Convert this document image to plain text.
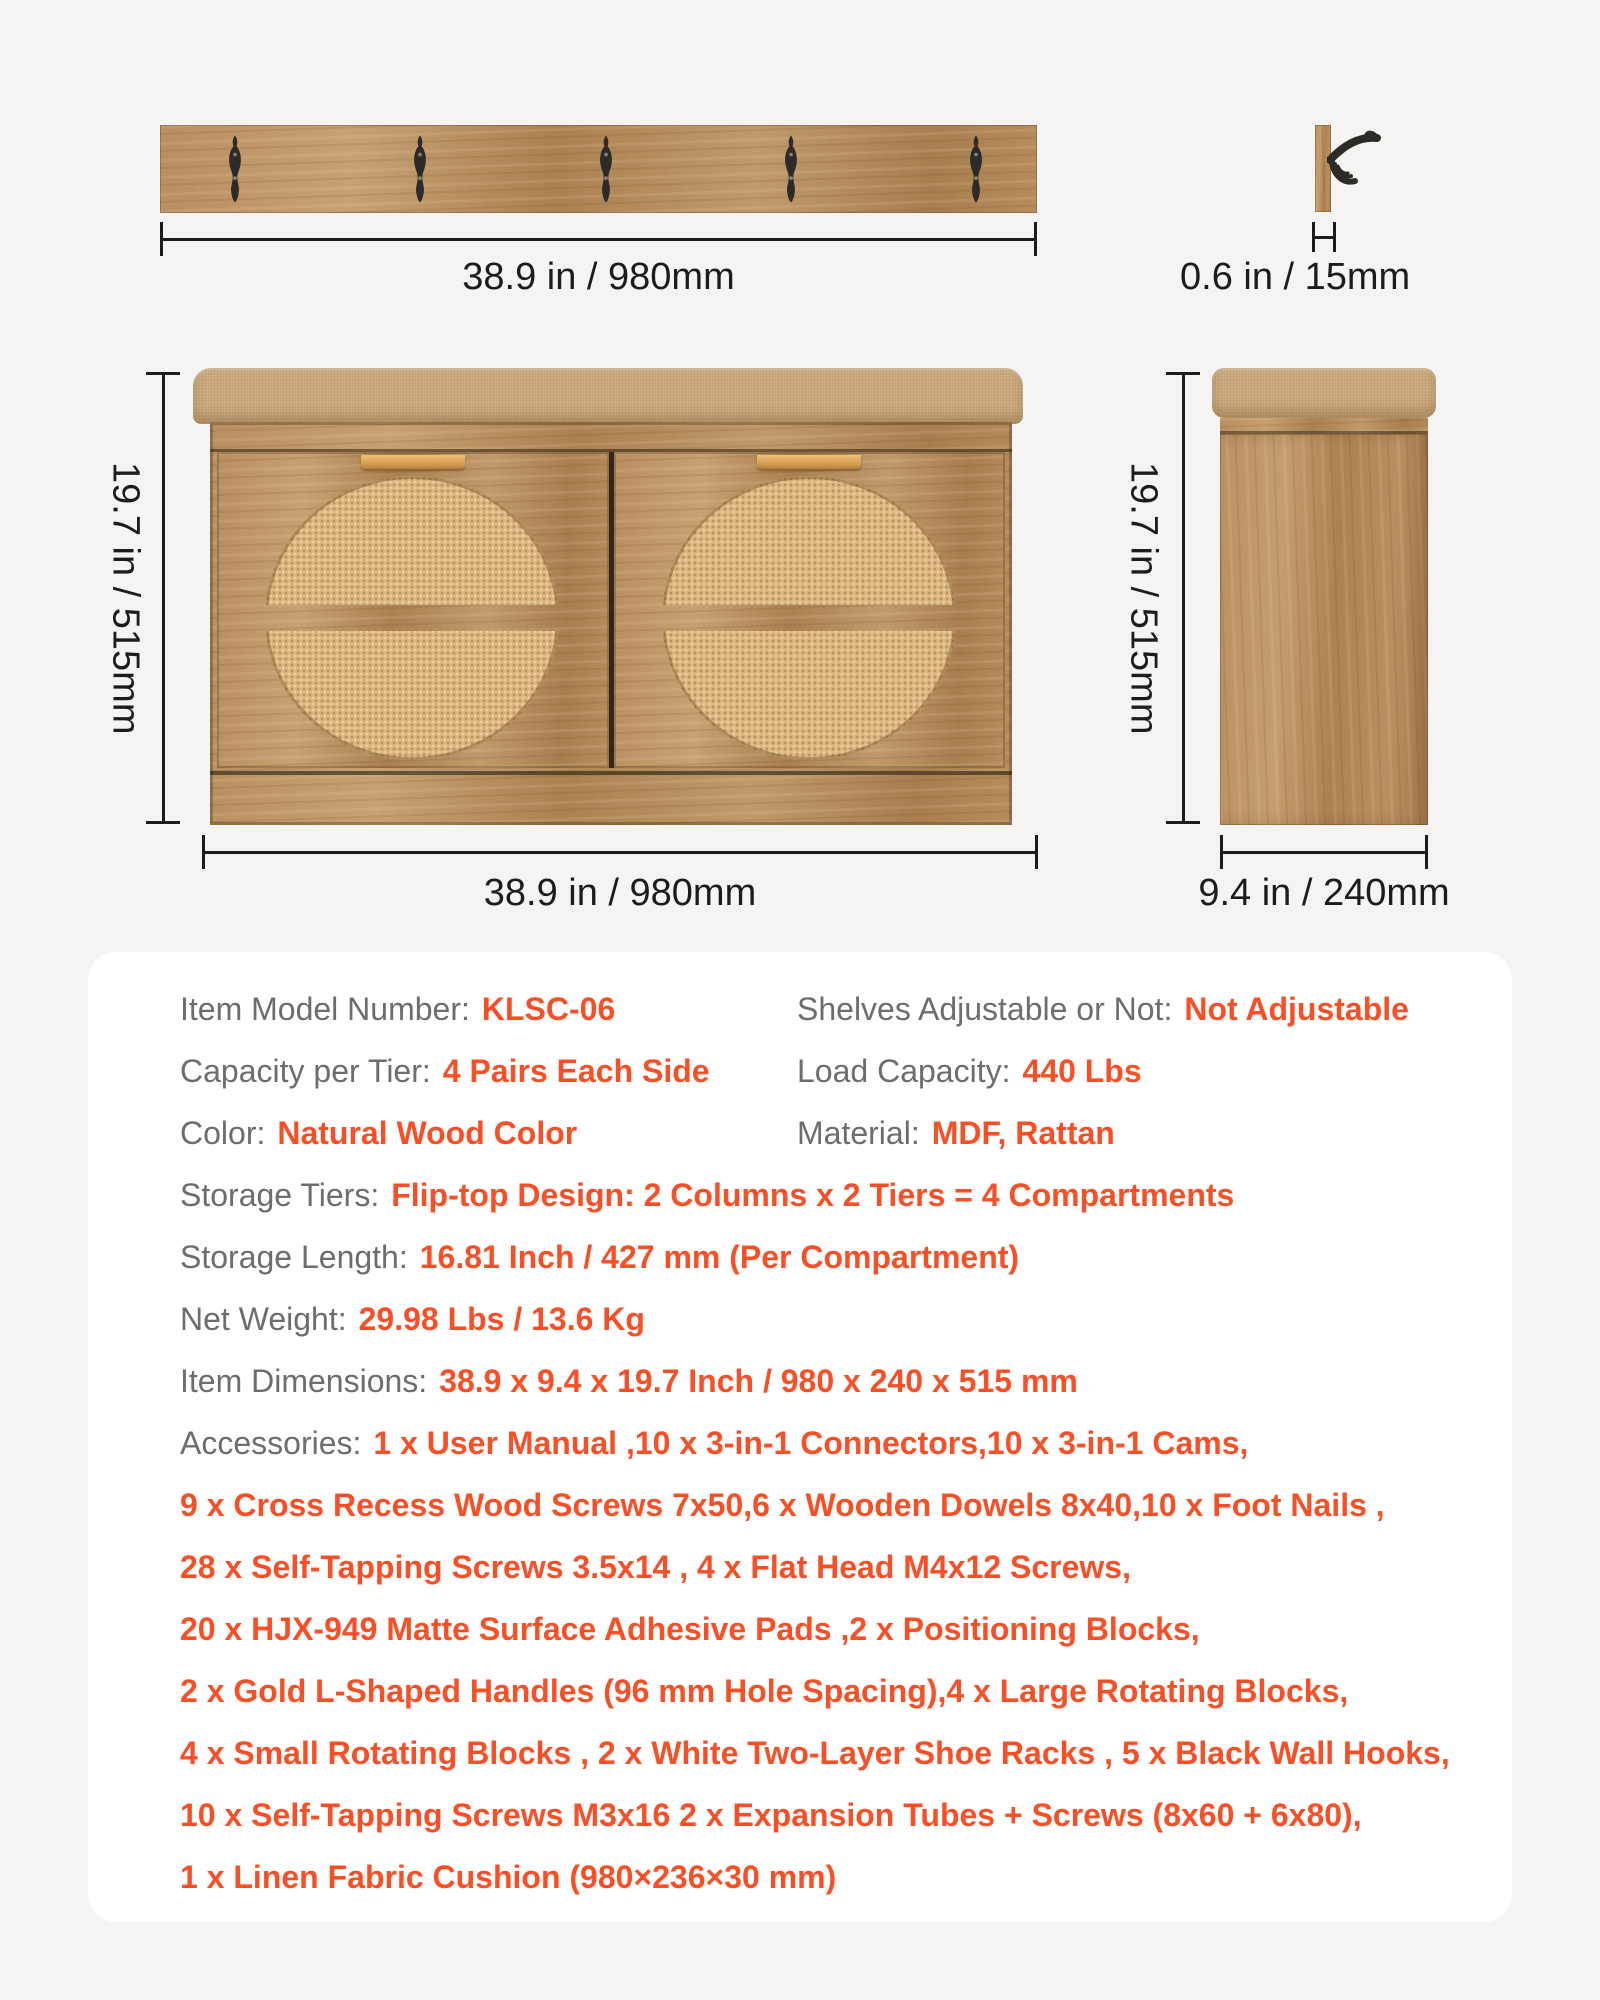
38.9 in / 980mm	0.6 in / 15mm
19.7 in / 515mm
38.9 in / 980mm
19.7 in / 515mm
9.4 in / 240mm
Item Model Number: KLSC-06	Shelves Adjustable or Not: Not Adjustable
Capacity per Tier: 4 Pairs Each Side	Load Capacity: 440 Lbs
Color: Natural Wood Color	Material: MDF, Rattan
Storage Tiers: Flip-top Design: 2 Columns x 2 Tiers = 4 Compartments
Storage Length: 16.81 Inch / 427 mm (Per Compartment)
Net Weight: 29.98 Lbs / 13.6 Kg
Item Dimensions: 38.9 x 9.4 x 19.7 Inch / 980 x 240 x 515 mm
Accessories: 1 x User Manual ,10 x 3-in-1 Connectors,10 x 3-in-1 Cams,
9 x Cross Recess Wood Screws 7x50,6 x Wooden Dowels 8x40,10 x Foot Nails ,
28 x Self-Tapping Screws 3.5x14 , 4 x Flat Head M4x12 Screws,
20 x HJX-949 Matte Surface Adhesive Pads ,2 x Positioning Blocks,
2 x Gold L-Shaped Handles (96 mm Hole Spacing),4 x Large Rotating Blocks,
4 x Small Rotating Blocks , 2 x White Two-Layer Shoe Racks , 5 x Black Wall Hooks,
10 x Self-Tapping Screws M3x16 2 x Expansion Tubes + Screws (8x60 + 6x80),
1 x Linen Fabric Cushion (980×236×30 mm)
